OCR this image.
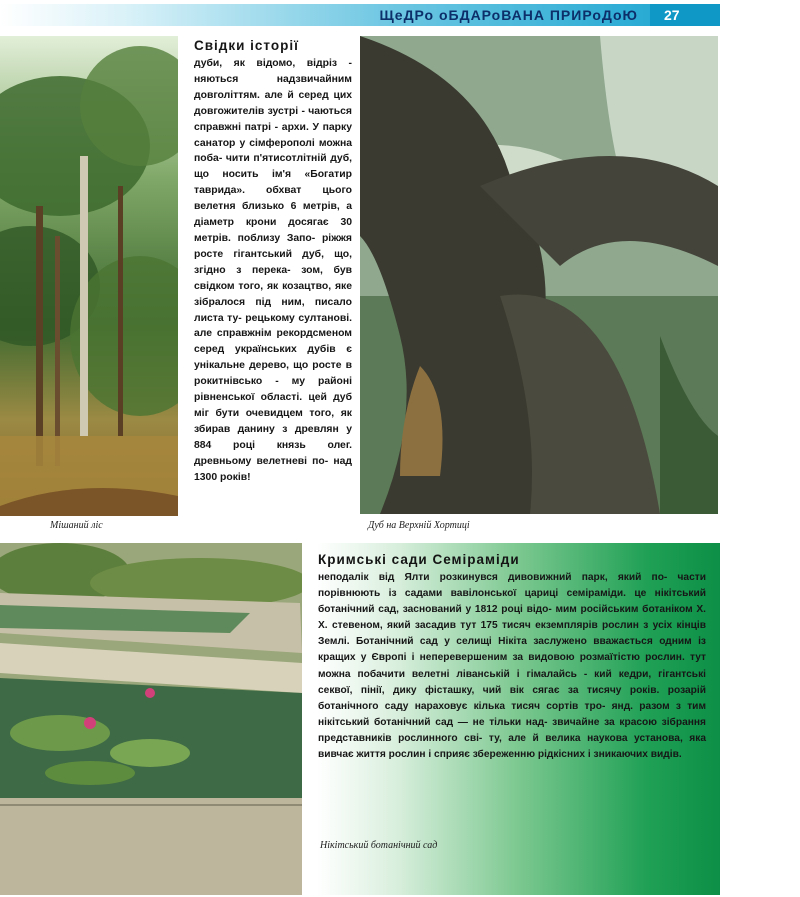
ЩеДРо оБДАРоВАНА ПРИРоДоЮ	27
Свідки історії

дуби, як відомо, відріз - няються надзвичайним довголіттям. але й серед цих довгожителів зустрі - чаються справжні патрі - архи. У парку санатор у сімферополі можна поба- чити п'ятисотлітній дуб, що носить ім'я «Богатир таврида». обхват цього велетня близько 6 метрів, а діаметр крони досягає 30 метрів. поблизу Запо- ріжжя росте гігантський дуб, що, згідно з перека- зом, був свідком того, як козацтво, яке зібралося під ним, писало листа ту- рецькому султанові. але справжнім рекордсменом серед українських дубів є унікальне дерево, що росте в рокитнівсько - му районі рівненської області. цей дуб міг бути очевидцем того, як збирав данину з древлян у 884 році князь олег. древньому велетневі по- над 1300 років!

Мішаний ліс	Дуб на Верхній Хортиці
Кримські сади Семіраміди

неподалік від Ялти розкинувся дивовижний парк, який по- части порівнюють із садами вавілонської цариці семіраміди. це нікітський ботанічний сад, заснований у 1812 році відо- мим російським ботаніком Х. Х. стевеном, який засадив тут 175 тисяч екземплярів рослин з усіх кінців Землі. Ботанічний сад у селищі Нікіта заслужено вважається одним із кращих у Європі і неперевершеним за видовою розмаїтістю рослин. тут можна побачити велетні ліванській і гімалайсь - кий кедри, гігантські секвої, пінії, дику фісташку, чий вік сягає за тисячу років. розарій ботанічного саду нараховує кілька тисяч сортів тро- янд. разом з тим нікітський ботанічний сад — не тільки над- звичайне за красою зібрання представників рослинного сві- ту, але й велика наукова установа, яка вивчає життя рослин і сприяє збереженню рідкісних і зникаючих видів.

Нікітський ботанічний сад
